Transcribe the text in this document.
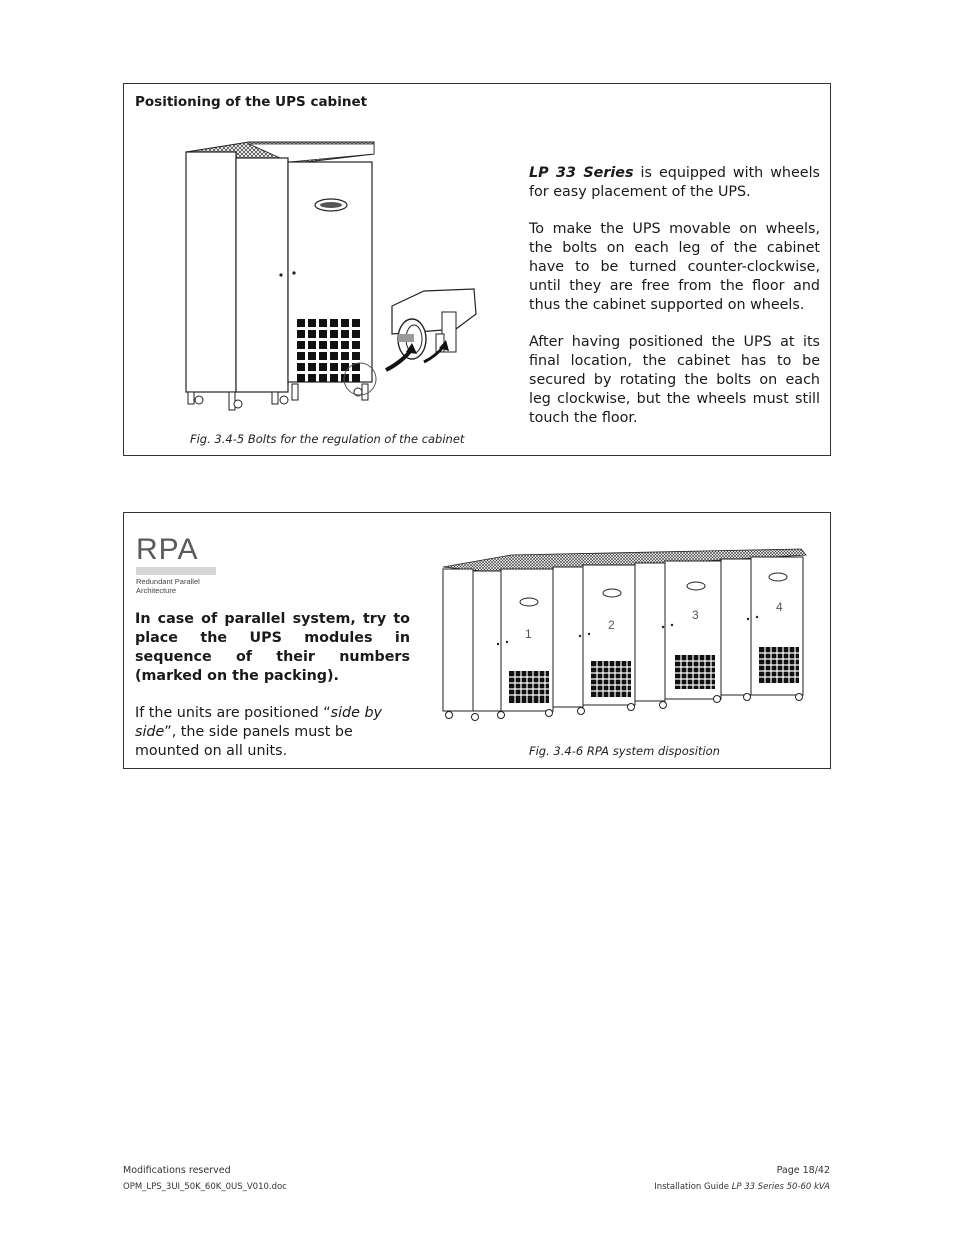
Positioning of the UPS cabinet

LP 33 Series is equipped with wheels for easy placement of the UPS.

To make the UPS movable on wheels, the bolts on each leg of the cabinet have to be turned counter-clockwise, until they are free from the floor and thus the cabinet supported on wheels.

After having positioned the UPS at its final location, the cabinet has to be secured by rotating the bolts on each leg clockwise, but the wheels must still touch the floor.

Fig. 3.4-5 Bolts for the regulation of the cabinet
RPA
Redundant Parallel
Architecture
In case of parallel system, try to place the UPS modules in sequence of their numbers (marked on the packing).
If the units are positioned “side by side”, the side panels must be mounted on all units.
1
2
3
4
Fig. 3.4-6 RPA system disposition
Modifications reserved
OPM_LPS_3UI_50K_60K_0US_V010.doc
Page 18/42
Installation Guide LP 33 Series 50-60 kVA
